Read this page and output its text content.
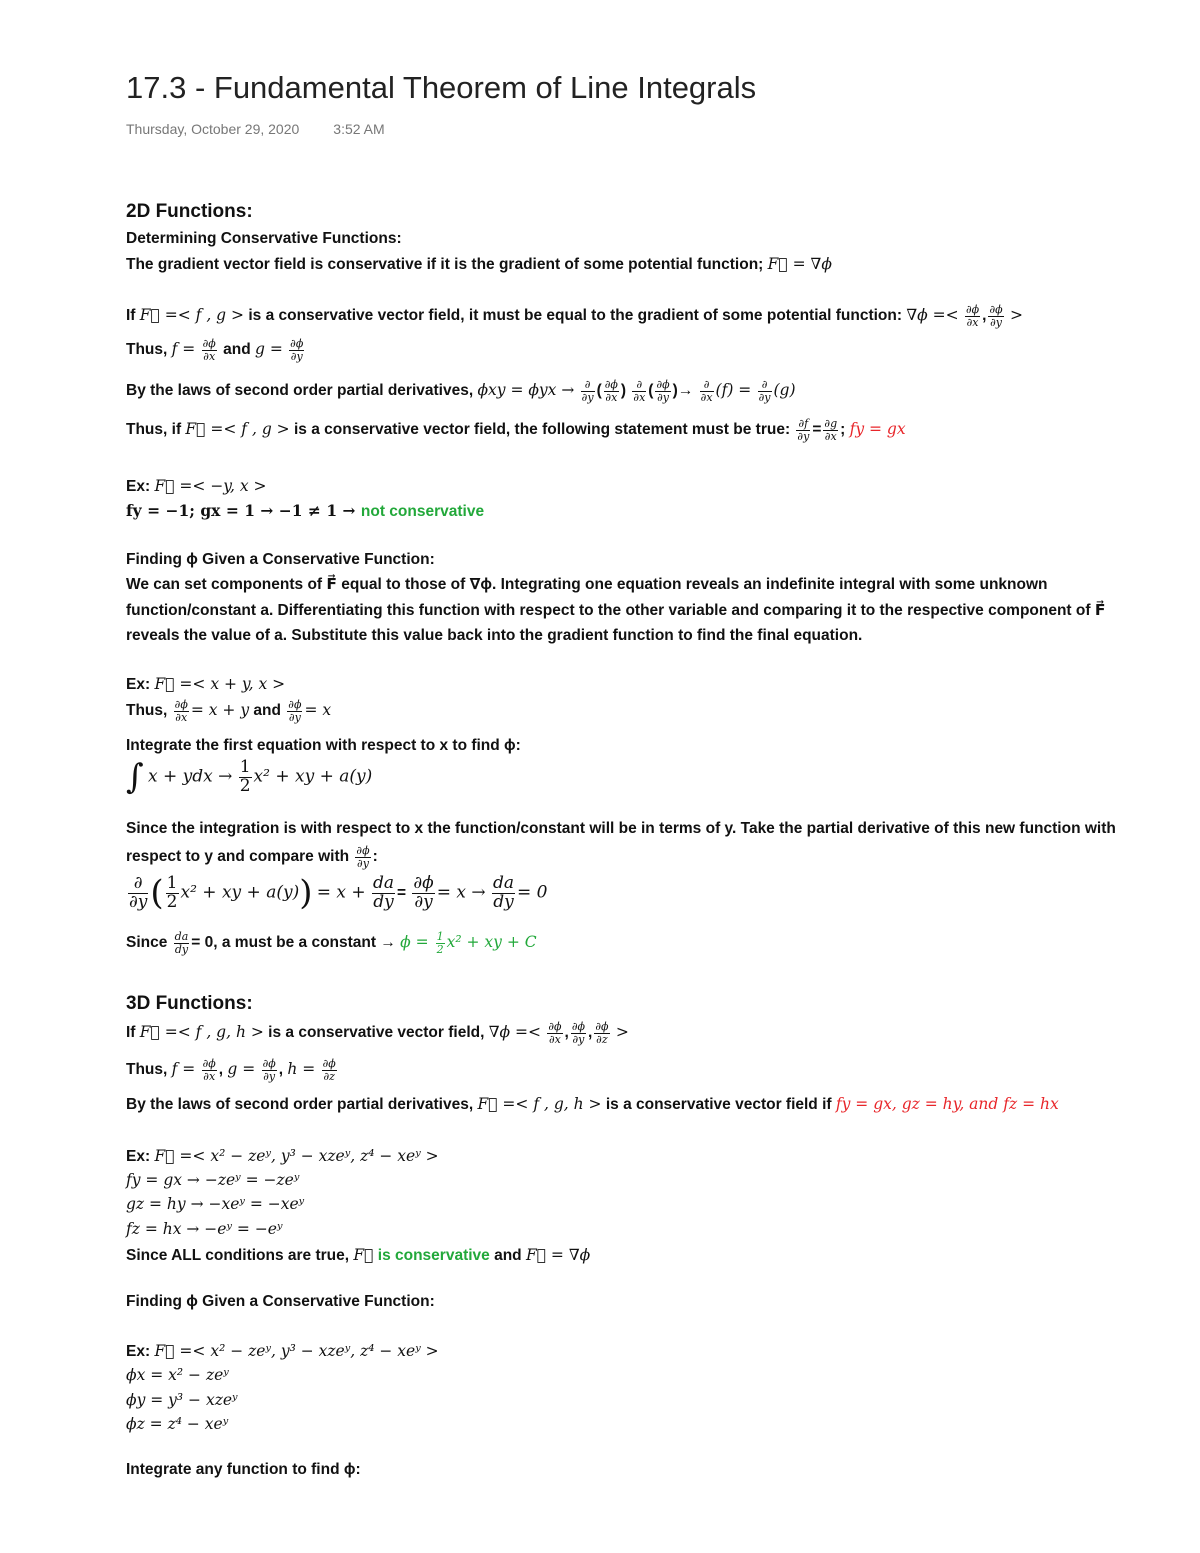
17.3 - Fundamental Theorem of Line Integrals
Thursday, October 29, 2020 3:52 AM
2D Functions:
Determining Conservative Functions:
The gradient vector field is conservative if it is the gradient of some potential function; F⃗ = ∇ϕ
If F⃗ =< f , g > is a conservative vector field, it must be equal to the gradient of some potential function: $\nabla\phi =< \frac{\partial\phi}{\partial x}$ , $\frac{\partial\phi}{\partial y}$ >
Thus, $f = \frac{\partial\phi}{\partial x}$ and $g = \frac{\partial\phi}{\partial y}$
By the laws of second order partial derivatives, $\phi xy = \phi yx \to \frac{\partial}{\partial y}$ ( $\frac{\partial\phi}{\partial x}$ ) $\frac{\partial}{\partial x}$ ( $\frac{\partial\phi}{\partial y}$ )→ $\frac{\partial}{\partial x} (f) = \frac{\partial}{\partial y} (g)$
Thus, if F⃗ =< f , g > is a conservative vector field, the following statement must be true: $\frac{\partial f}{\partial y} = \frac{\partial g}{\partial x}$ ; fy = gx
Ex: F⃗ =< −y, x >
fy = −1; gx = 1 → −1 ≠ 1 → not conservative
Finding ϕ Given a Conservative Function:
We can set components of F⃗ equal to those of ∇ϕ. Integrating one equation reveals an indefinite integral with some unknown
function/constant a. Differentiating this function with respect to the other variable and comparing it to the respective component of F⃗
reveals the value of a. Substitute this value back into the gradient function to find the final equation.
Ex: F⃗ =< x + y, x >
Thus, $\frac{\partial\phi}{\partial x} = x + y$ and $\frac{\partial\phi}{\partial y} = x$
Integrate the first equation with respect to x to find ϕ:
∫ x + ydx → $\frac{1}{2} x^2$ + xy + a(y)
Since the integration is with respect to x the function/constant will be in terms of y. Take the partial derivative of this new function with
respect to y and compare with $\frac{\partial\phi}{\partial y}$ :
$\frac{\partial}{\partial y}$ ( $\frac{1}{2} x^2$ + xy + $a(y)) = x + \frac{da}{dy} = \frac{\partial\phi}{\partial y} = x \to \frac{da}{dy} = 0$
Since $\frac{da}{dy} = 0$, a must be a constant → $\phi = \frac{1}{2} x^2$ + xy + C
3D Functions:
If F⃗ =< f , g, h > is a conservative vector field, $\nabla\phi =< \frac{\partial\phi}{\partial x}$ , $\frac{\partial\phi}{\partial y}$ , $\frac{\partial\phi}{\partial z}$ >
Thus, $f = \frac{\partial\phi}{\partial x}$ , $g = \frac{\partial\phi}{\partial y}$ , $h = \frac{\partial\phi}{\partial z}$
By the laws of second order partial derivatives, F⃗ =< f , g, h > is a conservative vector field if fy = gx, gz = hy, and fz = hx
Ex: F⃗ =< x² − zeʸ, y³ − xzeʸ, z⁴ − xeʸ >
fy = gx → −zeʸ = −zeʸ
gz = hy → −xeʸ = −xeʸ
fz = hx → −eʸ = −eʸ
Since ALL conditions are true, F⃗ is conservative and F⃗ = ∇ϕ
Finding ϕ Given a Conservative Function:
Ex: F⃗ =< x² − zeʸ, y³ − xzeʸ, z⁴ − xeʸ >
ϕx = x² − zeʸ
ϕy = y³ − xzeʸ
ϕz = z⁴ − xeʸ
Integrate any function to find ϕ:
